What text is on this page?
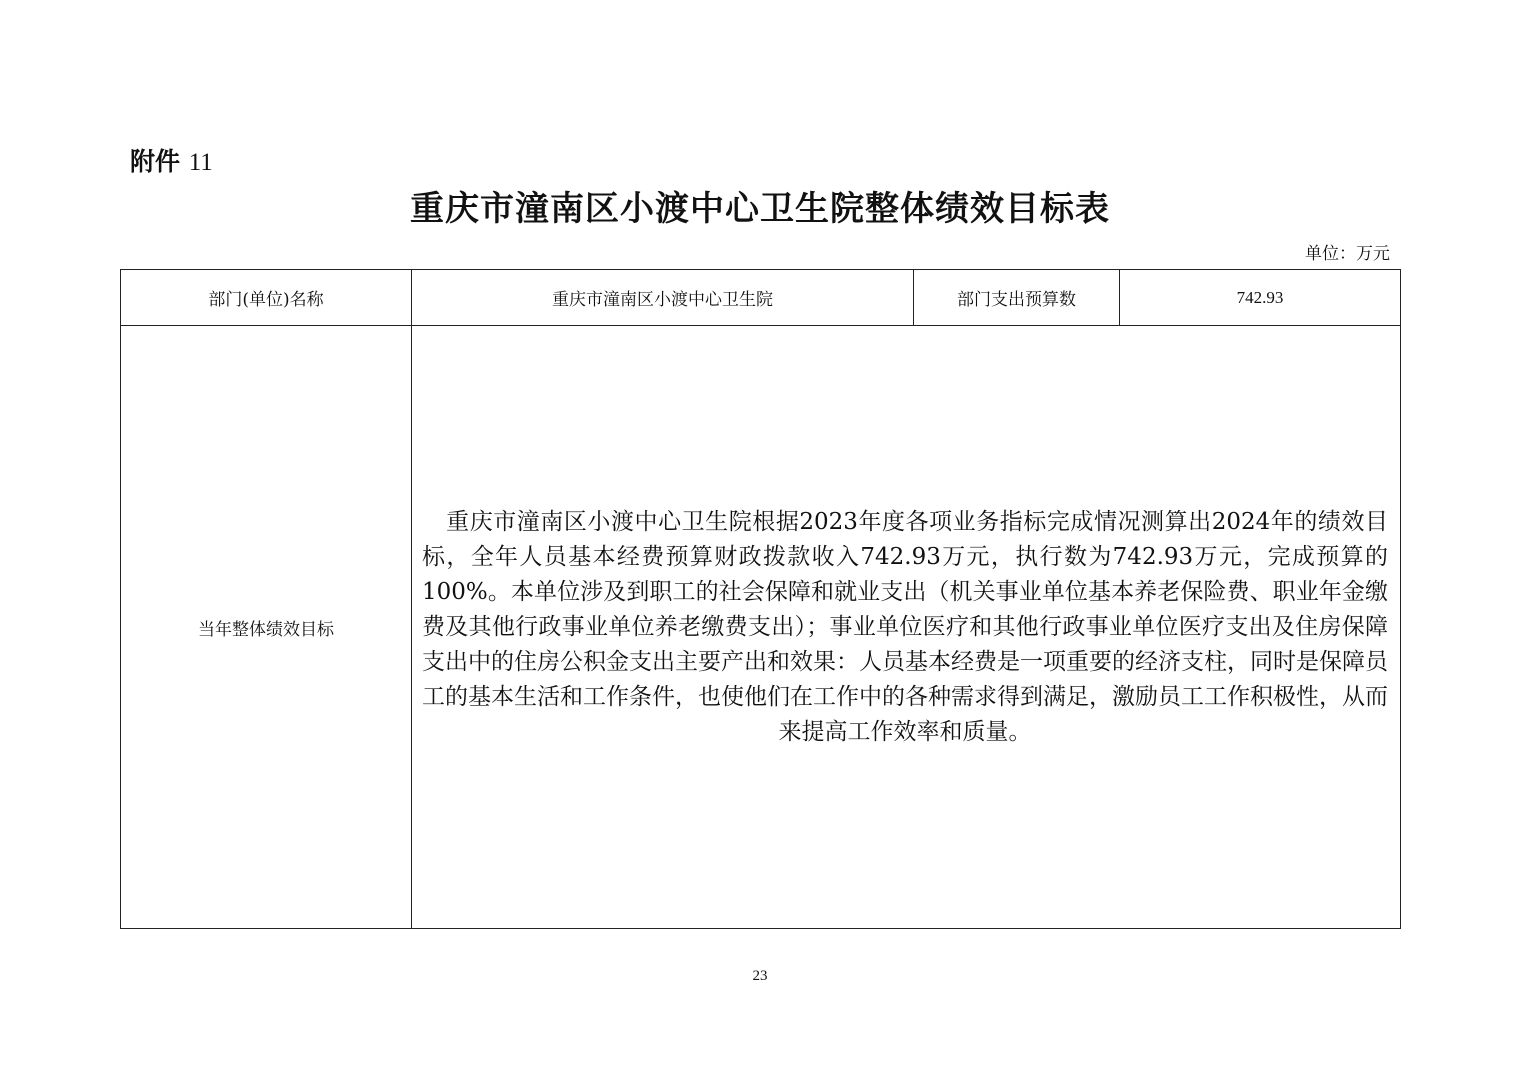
附件 11
重庆市潼南区小渡中心卫生院整体绩效目标表
单位：万元
部门(单位)名称	重庆市潼南区小渡中心卫生院	部门支出预算数	742.93
当年整体绩效目标	重庆市潼南区小渡中心卫生院根据2023年度各项业务指标完成情况测算出2024年的绩效目标，全年人员基本经费预算财政拨款收入742.93万元，执行数为742.93万元，完成预算的100%。本单位涉及到职工的社会保障和就业支出（机关事业单位基本养老保险费、职业年金缴费及其他行政事业单位养老缴费支出）；事业单位医疗和其他行政事业单位医疗支出及住房保障支出中的住房公积金支出主要产出和效果：人员基本经费是一项重要的经济支柱，同时是保障员工的基本生活和工作条件，也使他们在工作中的各种需求得到满足，激励员工工作积极性，从而来提高工作效率和质量。		
23
